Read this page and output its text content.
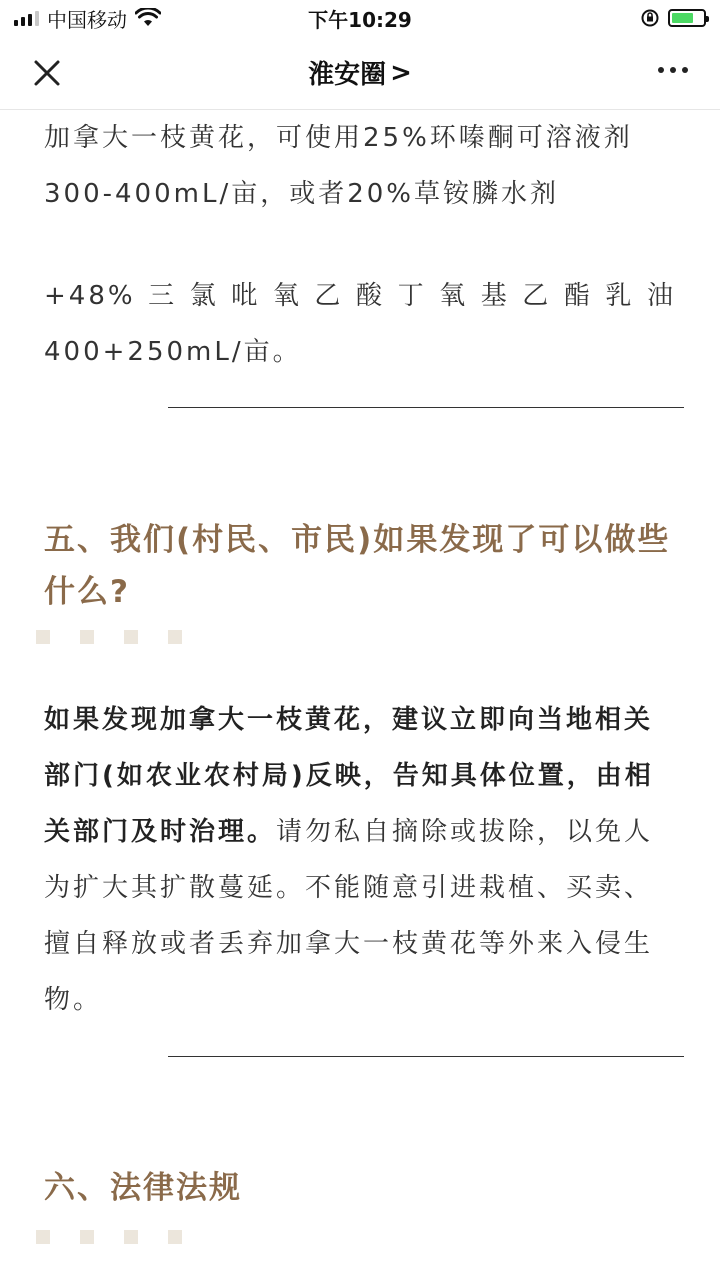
中国移动	下午10:29
淮安圈 >
加拿大一枝黄花，可使用25%环嗪酮可溶液剂
300-400mL/亩，或者20%草铵膦水剂
+48%三氯吡氧乙酸丁氧基乙酯乳油
400+250mL/亩。
五、我们(村民、市民)如果发现了可以做些什么?
如果发现加拿大一枝黄花，建议立即向当地相关部门(如农业农村局)反映，告知具体位置，由相关部门及时治理。请勿私自摘除或拔除，以免人为扩大其扩散蔓延。不能随意引进栽植、买卖、擅自释放或者丢弃加拿大一枝黄花等外来入侵生物。
六、法律法规
